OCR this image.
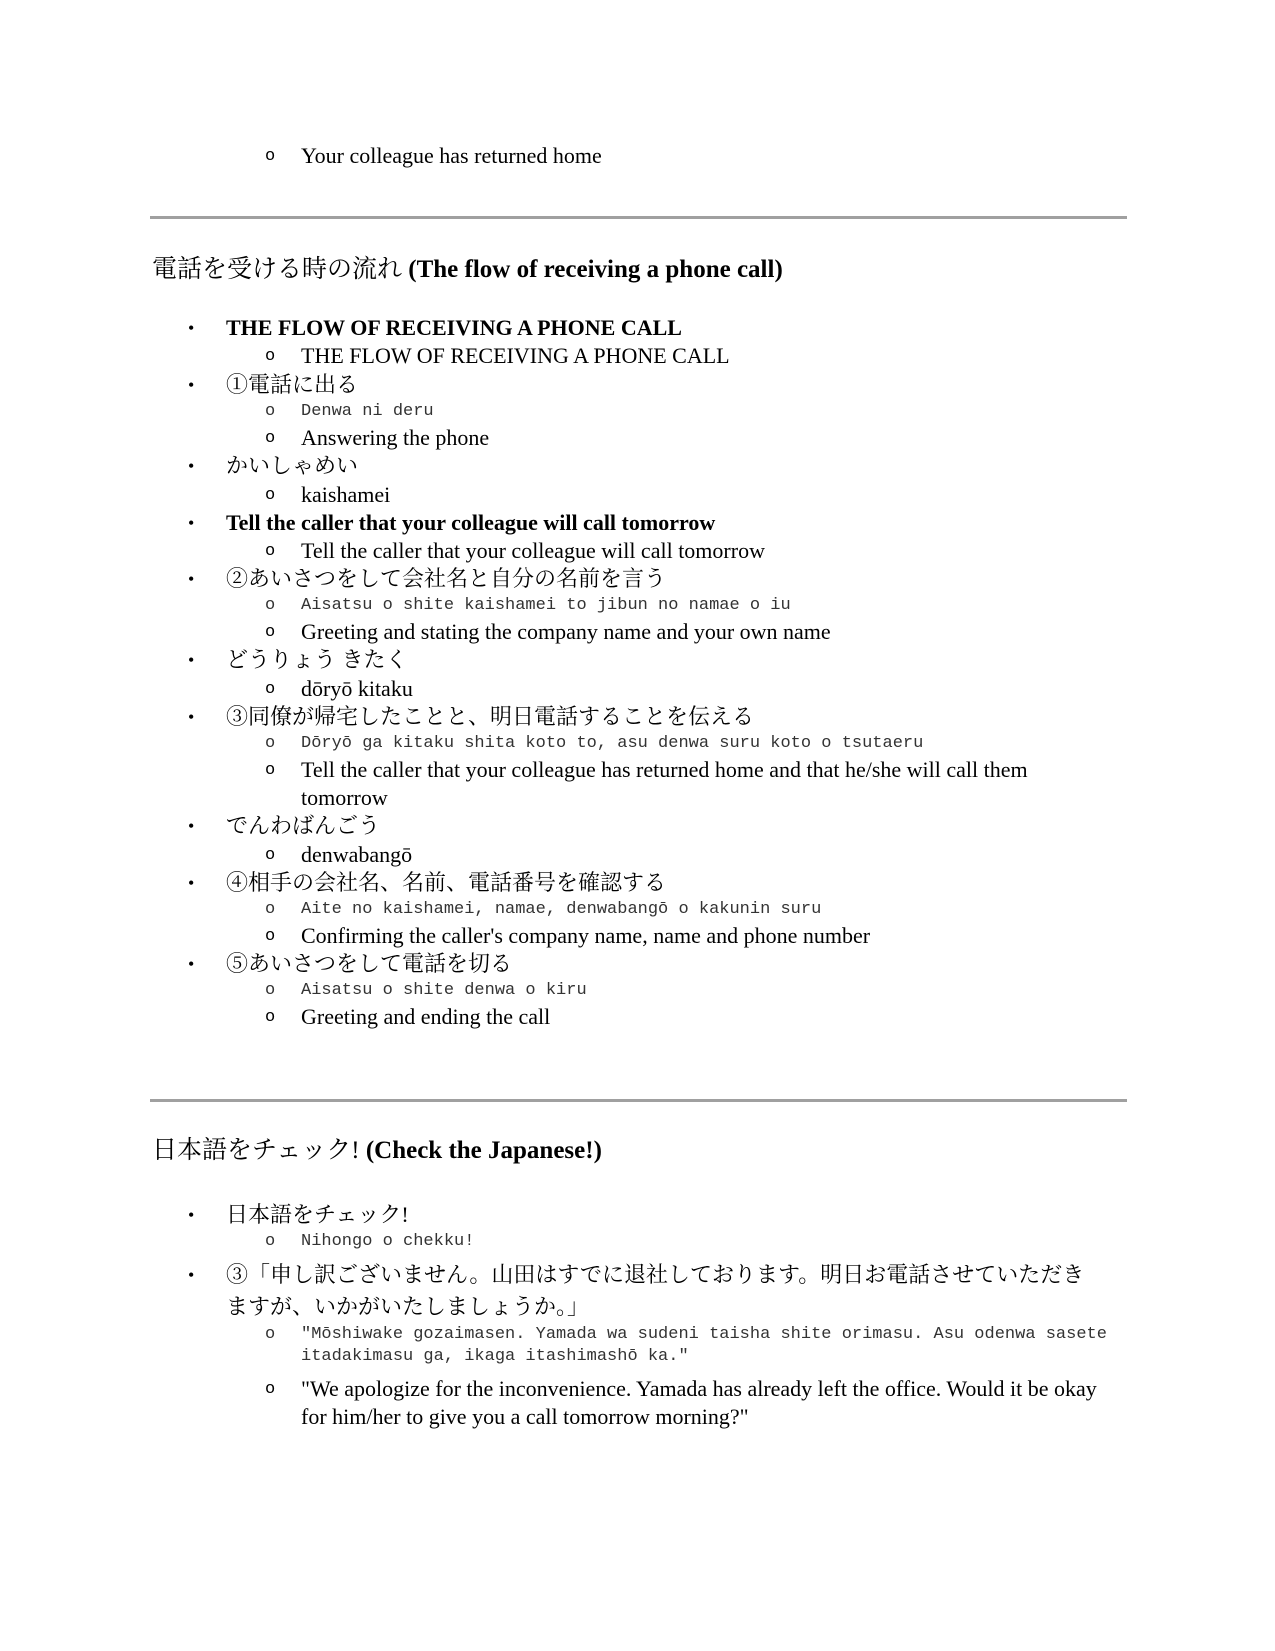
o Your colleague has returned home
電話を受ける時の流れ (The flow of receiving a phone call)
• THE FLOW OF RECEIVING A PHONE CALL
o THE FLOW OF RECEIVING A PHONE CALL
• ①電話に出る
o Denwa ni deru
o Answering the phone
• かいしゃめい
o kaishamei
• Tell the caller that your colleague will call tomorrow
o Tell the caller that your colleague will call tomorrow
• ②あいさつをして会社名と自分の名前を言う
o Aisatsu o shite kaishamei to jibun no namae o iu
o Greeting and stating the company name and your own name
• どうりょう きたく
o dōryō kitaku
• ③同僚が帰宅したことと、明日電話することを伝える
o Dōryō ga kitaku shita koto to, asu denwa suru koto o tsutaeru
o Tell the caller that your colleague has returned home and that he/she will call them tomorrow
• でんわばんごう
o denwabangō
• ④相手の会社名、名前、電話番号を確認する
o Aite no kaishamei, namae, denwabangō o kakunin suru
o Confirming the caller's company name, name and phone number
• ⑤あいさつをして電話を切る
o Aisatsu o shite denwa o kiru
o Greeting and ending the call
日本語をチェック! (Check the Japanese!)
• 日本語をチェック!
o Nihongo o chekku!
• ③「申し訳ございません。山田はすでに退社しております。明日お電話させていただきますが、いかがいたしましょうか。」
o "Mōshiwake gozaimasen. Yamada wa sudeni taisha shite orimasu. Asu odenwa sasete itadakimasu ga, ikaga itashimashō ka."
o "We apologize for the inconvenience. Yamada has already left the office. Would it be okay for him/her to give you a call tomorrow morning?"
